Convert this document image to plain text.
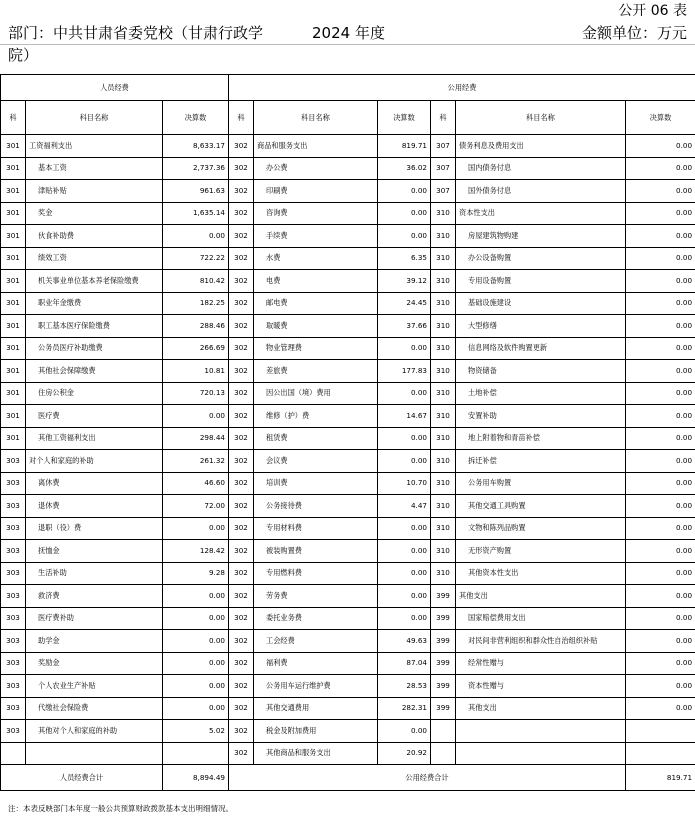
公开 06 表
部门：中共甘肃省委党校（甘肃行政学院）
2024 年度	金额单位：万元
人员经费			公用经费					
科	科目名称	决算数	科	科目名称	决算数	科	科目名称	决算数
301	工资福利支出	8,633.17	302	商品和服务支出	819.71	307	债务利息及费用支出	0.00
301	基本工资	2,737.36	302	办公费	36.02	307	国内债务付息	0.00
301	津贴补贴	961.63	302	印刷费	0.00	307	国外债务付息	0.00
301	奖金	1,635.14	302	咨询费	0.00	310	资本性支出	0.00
301	伙食补助费	0.00	302	手续费	0.00	310	房屋建筑物购建	0.00
301	绩效工资	722.22	302	水费	6.35	310	办公设备购置	0.00
301	机关事业单位基本养老保险缴费	810.42	302	电费	39.12	310	专用设备购置	0.00
301	职业年金缴费	182.25	302	邮电费	24.45	310	基础设施建设	0.00
301	职工基本医疗保险缴费	288.46	302	取暖费	37.66	310	大型修缮	0.00
301	公务员医疗补助缴费	266.69	302	物业管理费	0.00	310	信息网络及软件购置更新	0.00
301	其他社会保障缴费	10.81	302	差旅费	177.83	310	物资储备	0.00
301	住房公积金	720.13	302	因公出国（境）费用	0.00	310	土地补偿	0.00
301	医疗费	0.00	302	维修（护）费	14.67	310	安置补助	0.00
301	其他工资福利支出	298.44	302	租赁费	0.00	310	地上附着物和青苗补偿	0.00
303	对个人和家庭的补助	261.32	302	会议费	0.00	310	拆迁补偿	0.00
303	离休费	46.60	302	培训费	10.70	310	公务用车购置	0.00
303	退休费	72.00	302	公务接待费	4.47	310	其他交通工具购置	0.00
303	退职（役）费	0.00	302	专用材料费	0.00	310	文物和陈列品购置	0.00
303	抚恤金	128.42	302	被装购置费	0.00	310	无形资产购置	0.00
303	生活补助	9.28	302	专用燃料费	0.00	310	其他资本性支出	0.00
303	救济费	0.00	302	劳务费	0.00	399	其他支出	0.00
303	医疗费补助	0.00	302	委托业务费	0.00	399	国家赔偿费用支出	0.00
303	助学金	0.00	302	工会经费	49.63	399	对民间非营利组织和群众性自治组织补贴	0.00
303	奖励金	0.00	302	福利费	87.04	399	经常性赠与	0.00
303	个人农业生产补贴	0.00	302	公务用车运行维护费	28.53	399	资本性赠与	0.00
303	代缴社会保险费	0.00	302	其他交通费用	282.31	399	其他支出	0.00
303	其他对个人和家庭的补助	5.02	302	税金及附加费用	0.00			
			302	其他商品和服务支出	20.92			
人员经费合计		8,894.49	公用经费合计					819.71
注：本表反映部门本年度一般公共预算财政拨款基本支出明细情况。
